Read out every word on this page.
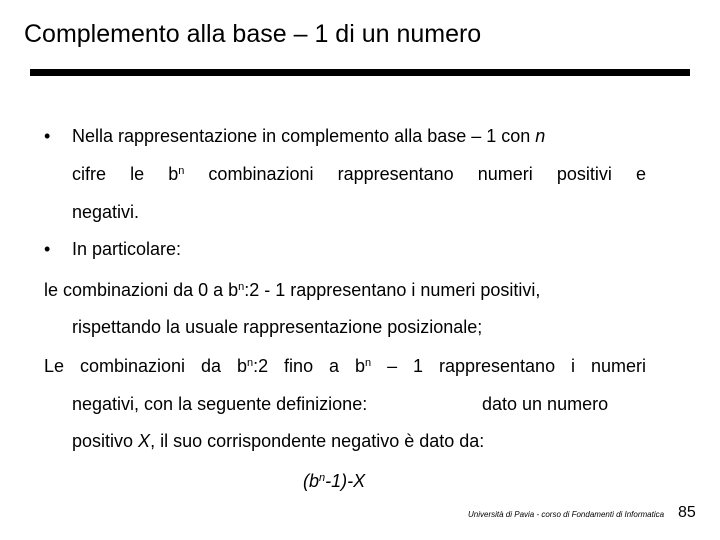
Complemento alla base – 1 di un numero
• Nella rappresentazione in complemento alla base – 1 con n
cifre le $b^n$ combinazioni rappresentano numeri positivi e
negativi.
• In particolare:
le combinazioni da 0 a $b^n:2 - 1$ rappresentano i numeri positivi,
rispettando la usuale rappresentazione posizionale;
Le combinazioni da $b^n:2$ fino a $b^n - 1$ rappresentano i numeri
negativi, con la seguente definizione:	dato un numero
positivo X, il suo corrispondente negativo è dato da:
$(b^n-1)-X$
Università di Pavia - corso di Fondamenti di Informatica 85
